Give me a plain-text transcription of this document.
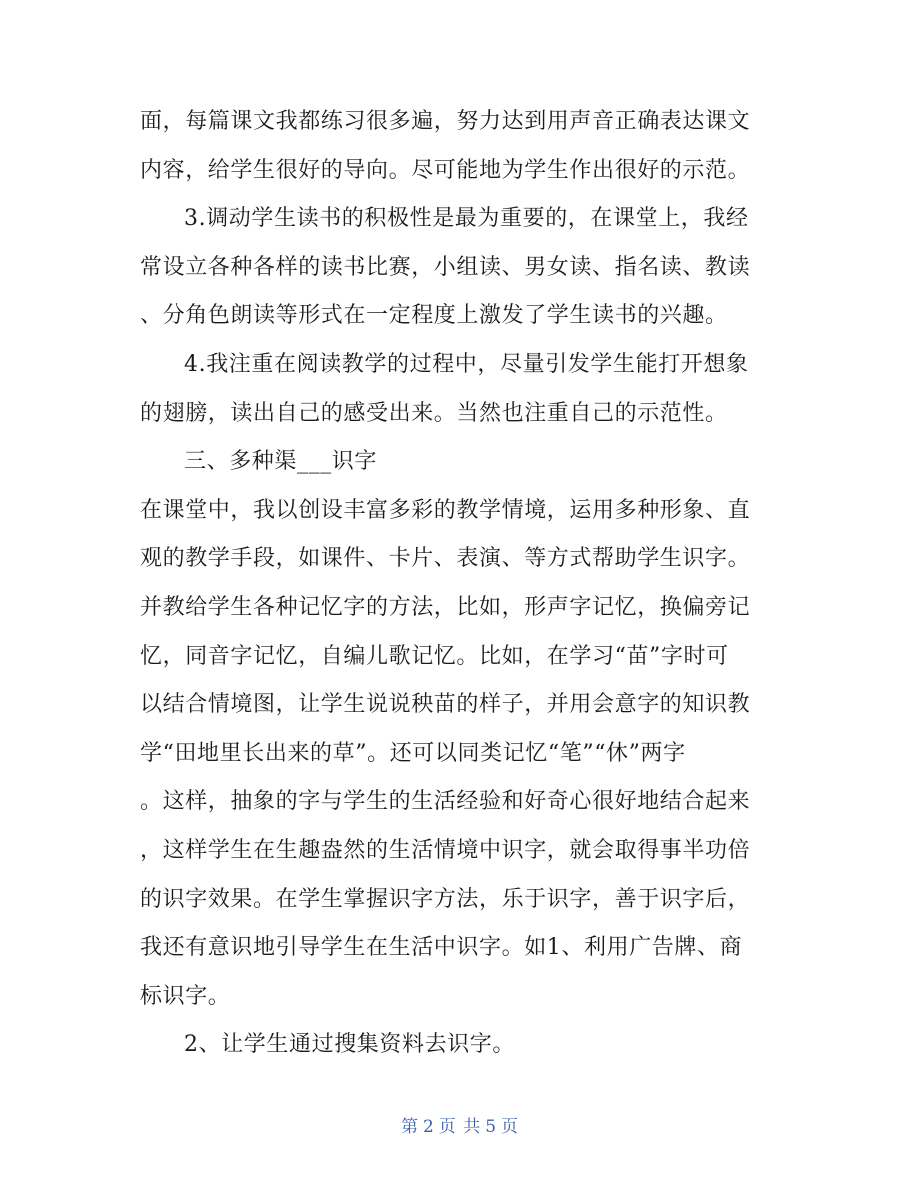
面，每篇课文我都练习很多遍，努力达到用声音正确表达课文
内容，给学生很好的导向。尽可能地为学生作出很好的示范。
3.调动学生读书的积极性是最为重要的，在课堂上，我经
常设立各种各样的读书比赛，小组读、男女读、指名读、教读
、分角色朗读等形式在一定程度上激发了学生读书的兴趣。
4.我注重在阅读教学的过程中，尽量引发学生能打开想象
的翅膀，读出自己的感受出来。当然也注重自己的示范性。
三、多种渠___识字
在课堂中，我以创设丰富多彩的教学情境，运用多种形象、直
观的教学手段，如课件、卡片、表演、等方式帮助学生识字。
并教给学生各种记忆字的方法，比如，形声字记忆，换偏旁记
忆，同音字记忆，自编儿歌记忆。比如，在学习“苗”字时可
以结合情境图，让学生说说秧苗的样子，并用会意字的知识教
学“田地里长出来的草”。还可以同类记忆“笔”“休”两字
。这样，抽象的字与学生的生活经验和好奇心很好地结合起来
，这样学生在生趣盎然的生活情境中识字，就会取得事半功倍
的识字效果。在学生掌握识字方法，乐于识字，善于识字后，
我还有意识地引导学生在生活中识字。如1、利用广告牌、商
标识字。
2、让学生通过搜集资料去识字。
第 2 页 共 5 页
